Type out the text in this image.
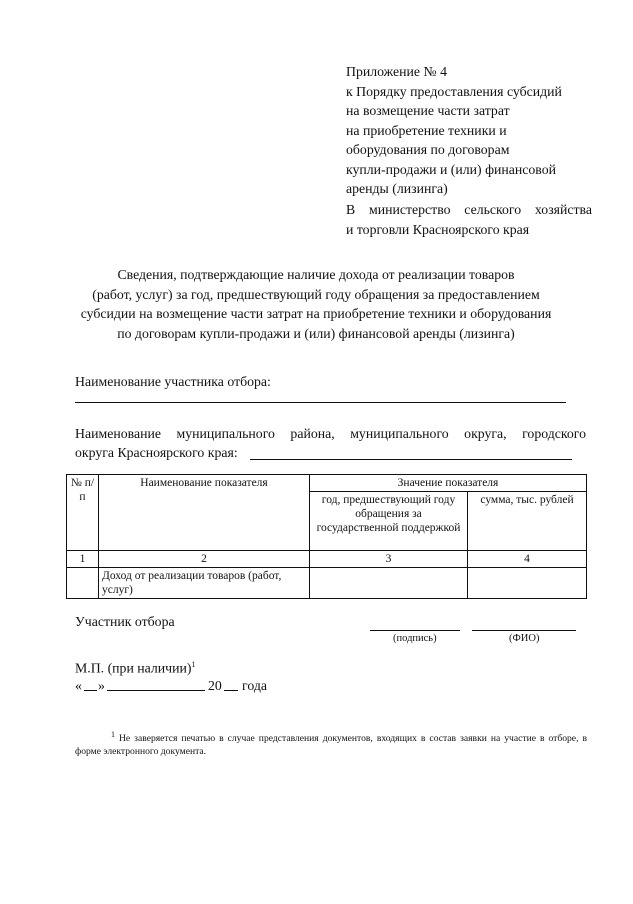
Приложение № 4
к Порядку предоставления субсидий
на возмещение части затрат
на приобретение техники и
оборудования по договорам
купли-продажи и (или) финансовой
аренды (лизинга)
В министерство сельского хозяйства
и торговли Красноярского края
Сведения, подтверждающие наличие дохода от реализации товаров
(работ, услуг) за год, предшествующий году обращения за предоставлением
субсидии на возмещение части затрат на приобретение техники и оборудования
по договорам купли-продажи и (или) финансовой аренды (лизинга)
Наименование участника отбора:
Наименование муниципального района, муниципального округа, городского
округа Красноярского края:
№ п/п	Наименование показателя	Значение показателя	
		год, предшествующий году обращения за государственной поддержкой	сумма, тыс. рублей
1	2	3	4
	Доход от реализации товаров (работ, услуг)		
Участник отбора
(подпись)	(ФИО)
М.П. (при наличии)$^1$
« »	20 года
$^1$ Не заверяется печатью в случае представления документов, входящих в состав заявки на участие в отборе, в форме электронного документа.
